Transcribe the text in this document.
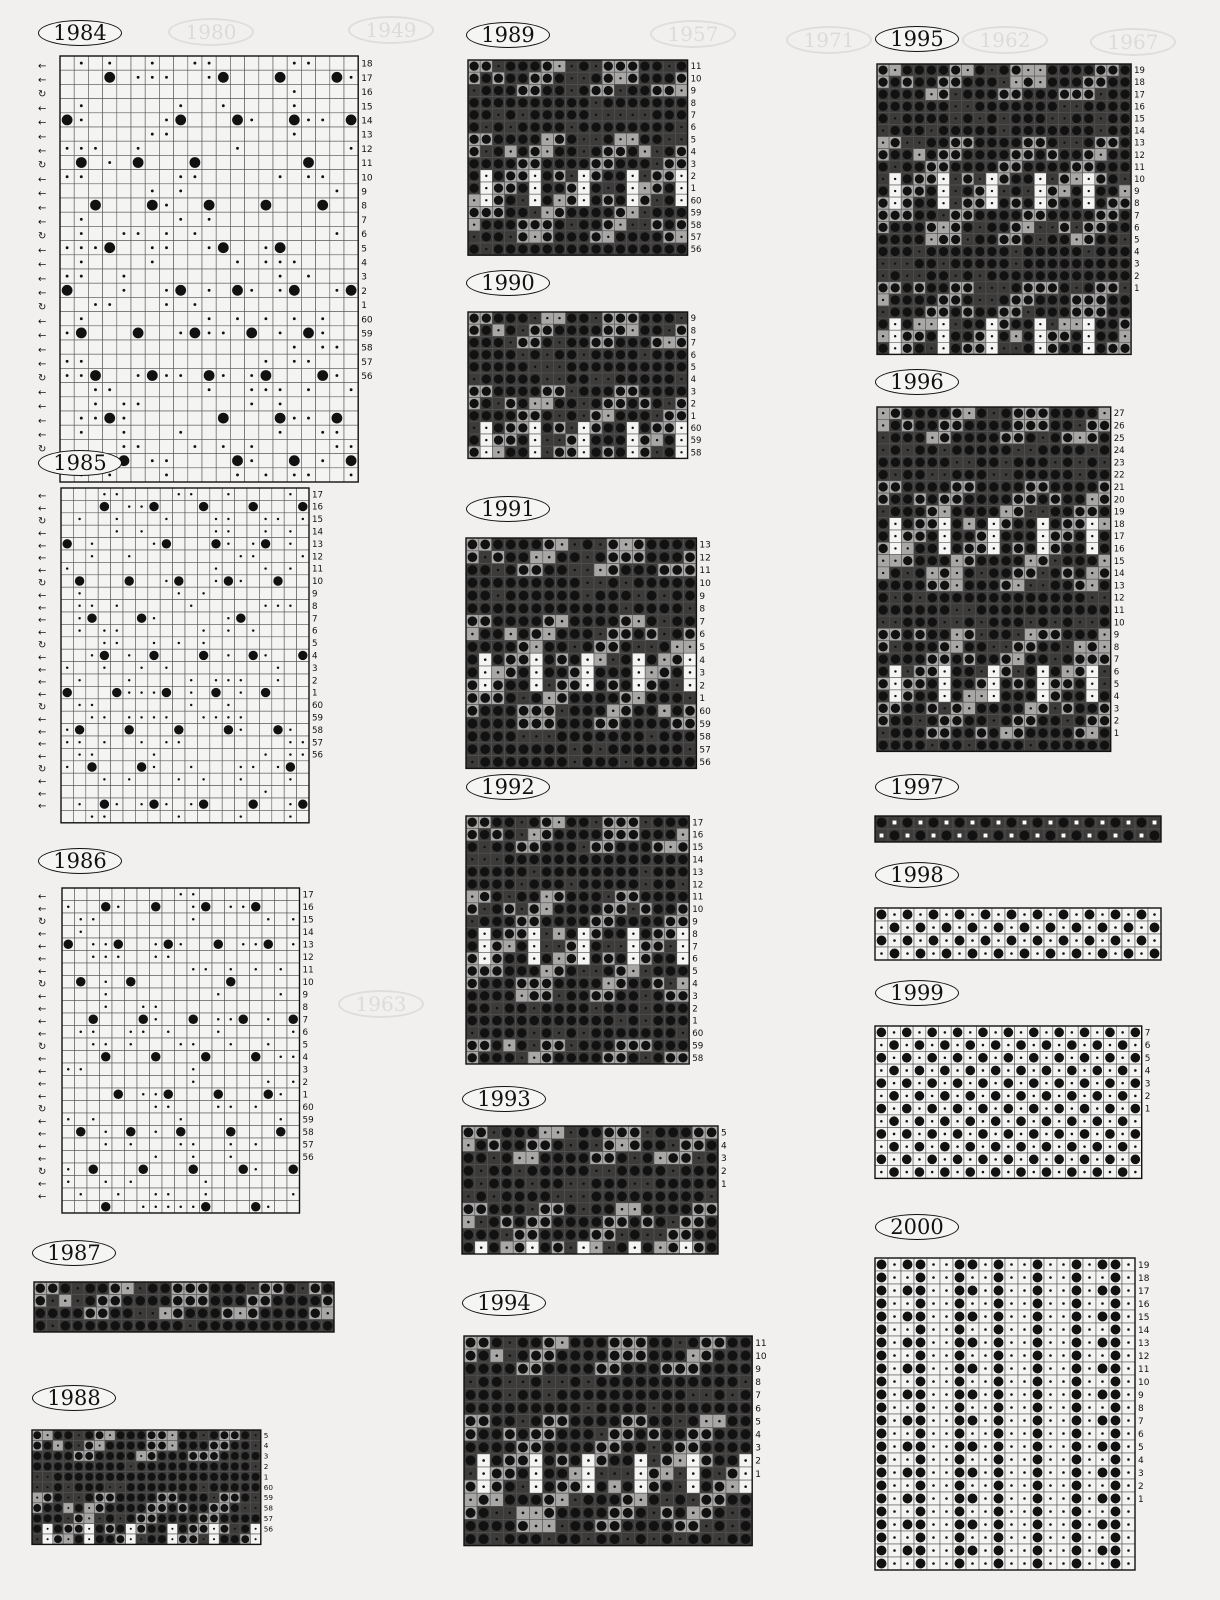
1980	1949	1957	1971	1962	1967
1963
1984
18
17
16
15
14
13
12
11
10
9
8
7
6
5
4
3
2
1
60
59
58
57
56
←
←
↻
←
←
←
←
↻
←
←
←
←
↻
←
←
←
←
↻
←
←
←
←
↻
←
←
←
←
↻
1985
17
16
15
14
13
12
11
10
9
8
7
6
5
4
3
2
1
60
59
58
57
56
←
←
↻
←
←
←
←
↻
←
←
←
←
↻
←
←
←
←
↻
←
←
←
←
↻
←
←
←
1986
17
16
15
14
13
12
11
10
9
8
7
6
5
4
3
2
1
60
59
58
57
56
←
←
↻
←
←
←
←
↻
←
←
←
←
↻
←
←
←
←
↻
←
←
←
←
↻
←
←
1987
1988
5
4
3
2
1
60
59
58
57
56
1989
11
10
9
8
7
6
5
4
3
2
1
60
59
58
57
56
1990
9
8
7
6
5
4
3
2
1
60
59
58
1991
13
12
11
10
9
8
7
6
5
4
3
2
1
60
59
58
57
56
1992
17
16
15
14
13
12
11
10
9
8
7
6
5
4
3
2
1
60
59
58
1993
5
4
3
2
1
1994
11
10
9
8
7
6
5
4
3
2
1
1995
19
18
17
16
15
14
13
12
11
10
9
8
7
6
5
4
3
2
1
1996
27
26
25
24
23
22
21
20
19
18
17
16
15
14
13
12
11
10
9
8
7
6
5
4
3
2
1
1997
1998
1999
7
6
5
4
3
2
1
2000
19
18
17
16
15
14
13
12
11
10
9
8
7
6
5
4
3
2
1
